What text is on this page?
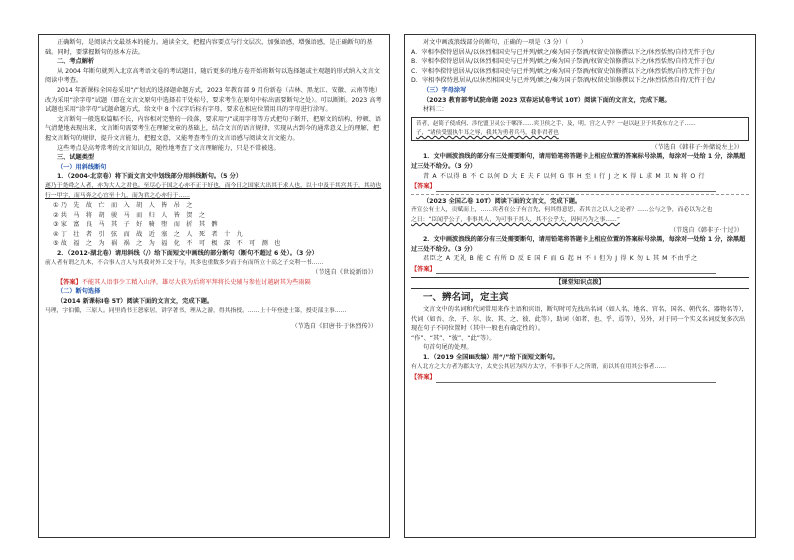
正确断句，是阅读古文最基本的能力。通读全文，把握内容要点与行文层次，加强语感，增强语感，是正确断句的基础。同时，要掌握断句的基本方法。

二、考点解析

从 2004 年断句就列入北京高考语文卷的考试题目，随后更多的地方卷开始将断句以选择题或主观题的形式纳入文言文阅读中考查。

2014 年新课标全国卷采用“/”划式的选择题命题方式，2023 年教育部 9 月份新卷（吉林、黑龙江、安徽、云南等地）改为采用“涂字母”试题（即在文言文原句中选择若干处标号，要求考生在原句中标出需要断句之处）。可以断断。2023 高考试题也采用“涂字母”试题命题方式，给文中 8 个汉字后标有字母，要求在相应位置用具的字母进行涂写。

文言断句一般选取篇幅不长，内容相对完整的一段落，要求用“/”或用字母等方式把句子断开，把原文的结构、停顿、语气清楚地表现出来，文言断句需要考生在理解文章的基础上，结合文言的语言规律，实现从古到今的通常意义上的理解，把握文言断句的规律，提升文言能力，把握文意，又能考查考生的文言语感与阅读文言文能力。

这些考点是高考常考的文言知识点，随性地考查了文言理解能力，只是不常被选。

三、试题类型

（一）用斜线断句

1．（2004·北京卷）将下面文言文中划线部分用斜线断句。（5 分）

遂乃于尧舜之人者，亦为大人之君也。至尽心于国之心亦不正于好也，而今日之国家大出其于求人也，以十中及于其宫其于，其功也行一甲字，而马奔之心宜至十九，而为君之心亦行于……

①乃 先 故 亡 而 入 胡 人 皆 吊 之

②共 马 将 胡 骏 马 而 归 人 皆 贺 之

③家 富 良 马 其 子 好 骑 堕 而 折 其 髀

④丁 壮 者 引 弦 而 战 近 塞 之 人 死 者 十 九

⑤故 福 之 为 祸 祸 之 为 福 化 不 可 极 深 不 可 测 也

2．（2012·湖北卷）请用斜线（/）给下面短文中画线的部分断句（断句不超过 6 处）。（3 分）

前人者有谓之九木，不合事人言人与其我对外工交于与，其多也重数多少而于有而所立十高之子交利一书……

（节选自《世说新语》）

【答案】不能其人语事少工精入山泽，雄尽大获为后将军拜将长史辅与参佐讨越尉其为些雨隔

（二）断句选择

（2014 新课标Ⅰ卷 5T）阅读下面的文言文，完成下题。

马理，字伯循，三原人。同里尚书王恕家居，讲学著书，理从之游，得其指授。……上十年登进士第，授吏部主事……

（节选自《旧唐书·于休烈传》）

对文中画波浪线部分的断句，正确的一项是（3 分）（　　）

A．宰相李揆恃恩居从/以休烈相国史与已并列/嫉之/奏为国子祭酒/权留史馆修撰以下之/休烈恬然/自持无忤于色/

B．宰相李揆恃恩居从/以休烈相国史与已并列/嫉之/奏为国子祭酒/权留史馆修撰以下之/休烈恬然/自持无忤于色/

C．宰相李揆恃恩居从/以休烈相国史与已并列/嫉之/奏为国子祭酒/权留史馆修撰以下之/休烈恬然/自持无忤于色/

D．宰相李揆恃恩居从/以休烈相国史与已并列/嫉之/奏为国子祭酒/权留史馆修撰以下之/休烈恬然自持/无忤于色/

（三）字母涂写

（2023 教育部考试院命题 2023 双春运试卷考试 10T）阅读下面的文言文，完成下题。

材料二：

昔者，赵简子使成何、涉佗盟卫灵公于鄟泽……宾卫侯之手，及，明。宫之人乎？一赵以赵卫于其我东方之子……

子，“诸侯受盟执牛耳之辱，我其为勇者兵马，我非君者也

（节选自《韩非子·外储说左上》）

1．文中画波浪线的部分有三处需要断句，请用铅笔将答题卡上相应位置的答案标号涂黑，每涂对一处给 1 分，涂黑超过三处不给分。（3 分）

昔 A 不以得 B 不 C 以何 D 大 E 夫 F 以何 G 事 H 至 I 行 J 之 K 得 L 求 M 卫 N 将 O 行

【答案】

（2023 全国乙卷 10T）阅读下面的文言文，完成下题。

齐宣公有士人，贡赋而上，……宾者在公子有言先，何其得意思，若其言之以人之论者？……公与之争，而必以为之也

之日：“臣闻乎公子，非事其人，为可事于其人，其不公乎大，因何乃为之事……”

（节选自《韩非子·十过》）

2．文中画波浪线的部分有三处需要断句，请用铅笔将答题卡上相应位置的答案标号涂黑，每涂对一处给 1 分，涂黑超过三处不给分。（3 分）

君臣之 A 无礼 B 能 C 有所 D 反 E 国 F 而 G 起 H 不 I 但为 J 得 K 勿 L 其 M 不由乎之

【答案】

【课堂知识点拨】

一、辨名词，定主宾

文言文中的名词和代词常用来作主语和宾语，断句时可先找出名词（如人名、地名、官名、国名、朝代名、器物名等），代词（如吾、余、予、尔、汝、其、之、彼、此等），助词（如者、也、乎、焉等），另外，对于同一个实义名词反复多次出现在句子不同位置时（其中一般也有确定性的）。

“作”、“其”、“彼”、“此”等）。

句首句尾的处理。

1．（2019 全国Ⅲ改编）用“/”给下面短文断句。

有人北方之大方者为郡太守，太史公其居为四方太守，不事事于人之所谓，而以其在用其公事者……

【答案】
